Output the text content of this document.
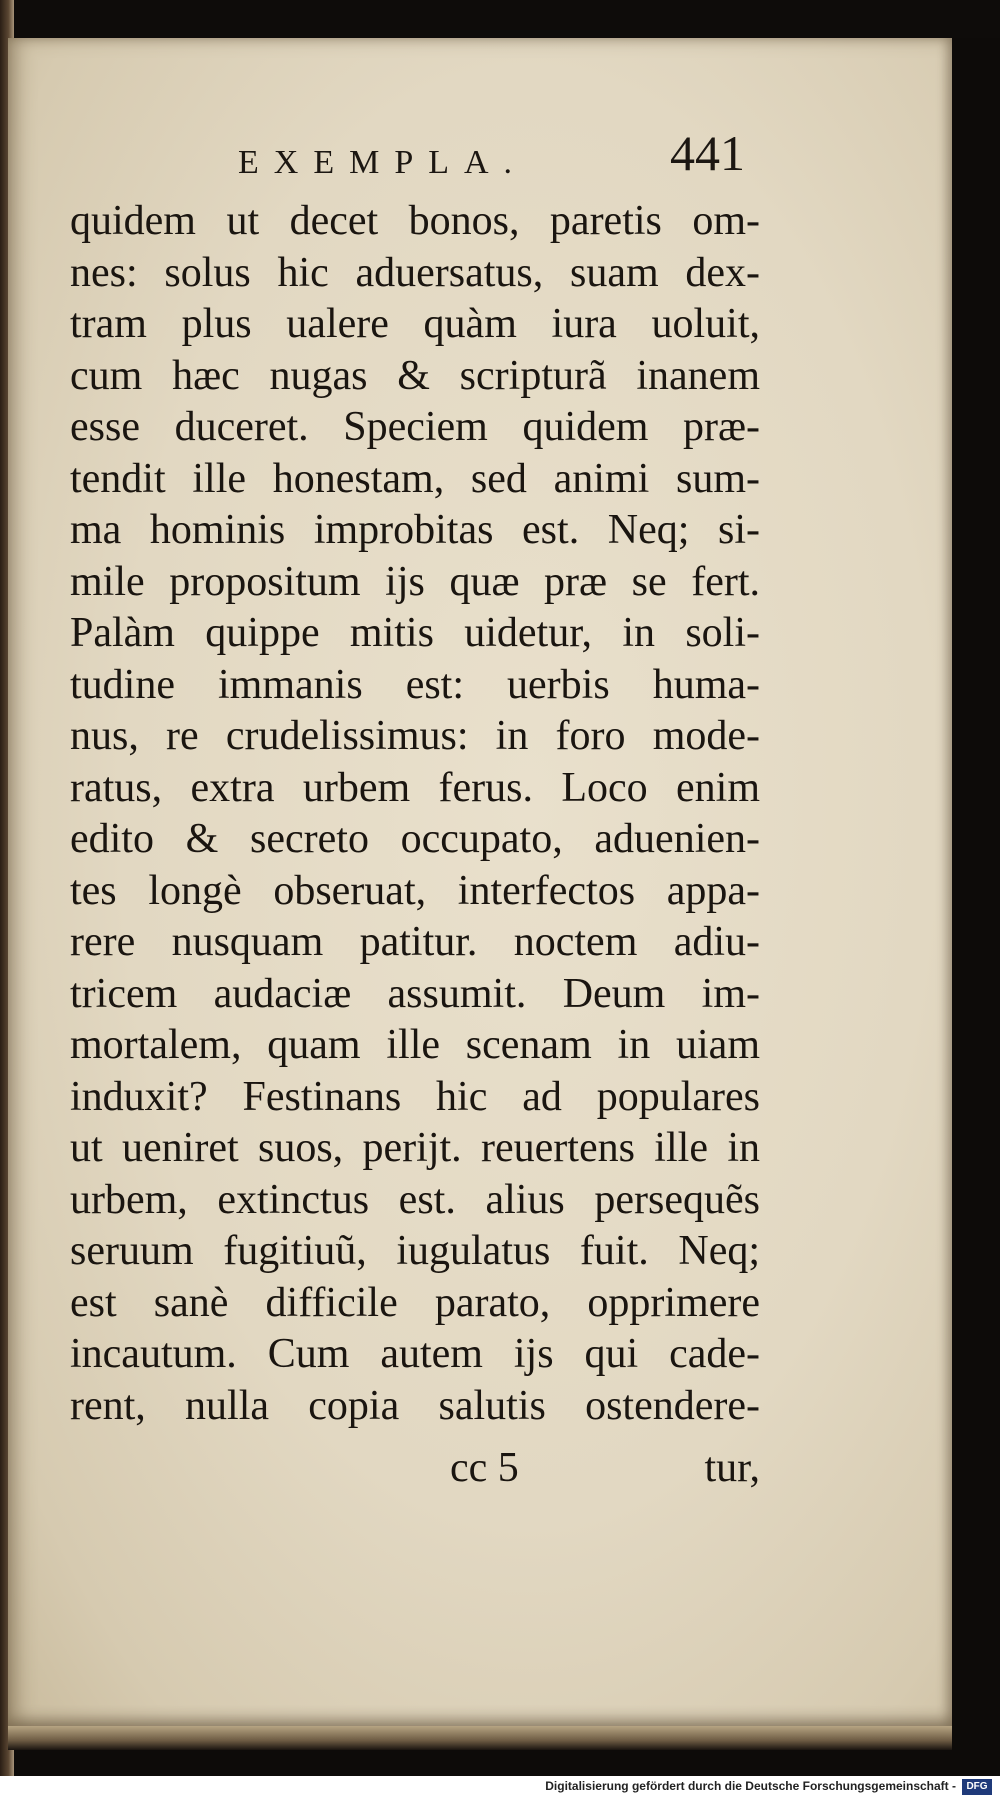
EXEMPLA.	441
quidem ut decet bonos, paretis om-
nes: solus hic aduersatus, suam dex-
tram plus ualere quàm iura uoluit,
cum hæc nugas & scripturã inanem
esse duceret. Speciem quidem præ-
tendit ille honestam, sed animi sum-
ma hominis improbitas est. Neq; si-
mile propositum ijs quæ præ se fert.
Palàm quippe mitis uidetur, in soli-
tudine immanis est: uerbis huma-
nus, re crudelissimus: in foro mode-
ratus, extra urbem ferus. Loco enim
edito & secreto occupato, aduenien-
tes longè obseruat, interfectos appa-
rere nusquam patitur. noctem adiu-
tricem audaciæ assumit. Deum im-
mortalem, quam ille scenam in uiam
induxit? Festinans hic ad populares
ut ueniret suos, perijt. reuertens ille in
urbem, extinctus est. alius persequẽs
seruum fugitiuũ, iugulatus fuit. Neq;
est sanè difficile parato, opprimere
incautum. Cum autem ijs qui cade-
rent, nulla copia salutis ostendere-
cc 5	tur,
Digitalisierung gefördert durch die Deutsche Forschungsgemeinschaft -	DFG
